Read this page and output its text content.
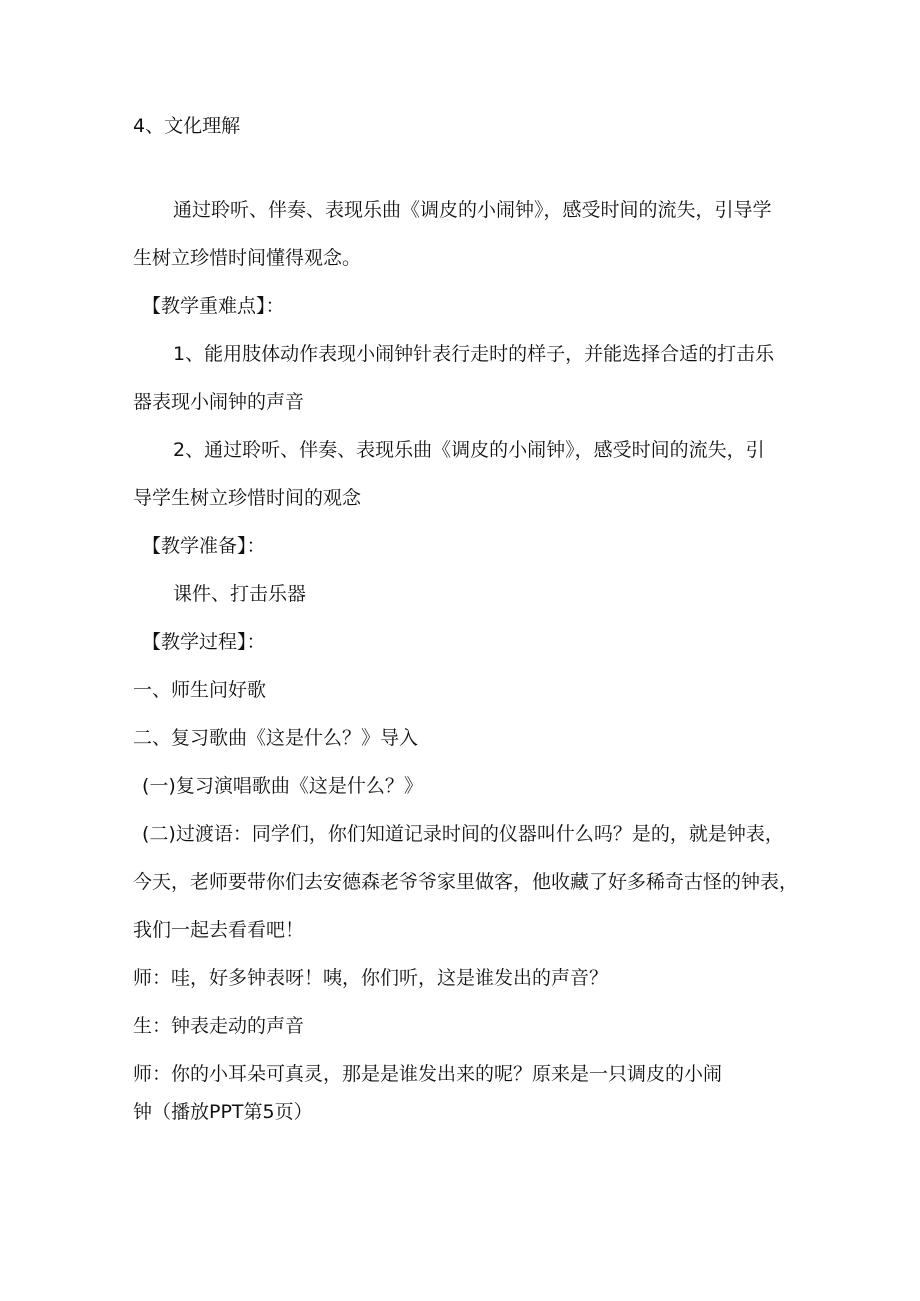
4、文化理解
通过聆听、伴奏、表现乐曲《调皮的小闹钟》，感受时间的流失，引导学
生树立珍惜时间懂得观念。
【教学重难点】：
1、能用肢体动作表现小闹钟针表行走时的样子，并能选择合适的打击乐
器表现小闹钟的声音
2、通过聆听、伴奏、表现乐曲《调皮的小闹钟》，感受时间的流失，引
导学生树立珍惜时间的观念
【教学准备】：
课件、打击乐器
【教学过程】：
一、师生问好歌
二、复习歌曲《这是什么？》导入
(一)复习演唱歌曲《这是什么？》
(二)过渡语：同学们，你们知道记录时间的仪器叫什么吗？是的，就是钟表，
今天，老师要带你们去安德森老爷爷家里做客，他收藏了好多稀奇古怪的钟表，
我们一起去看看吧！
师：哇，好多钟表呀！咦，你们听，这是谁发出的声音？
生：钟表走动的声音
师：你的小耳朵可真灵，那是是谁发出来的呢？原来是一只调皮的小闹
钟（播放PPT第5页）
